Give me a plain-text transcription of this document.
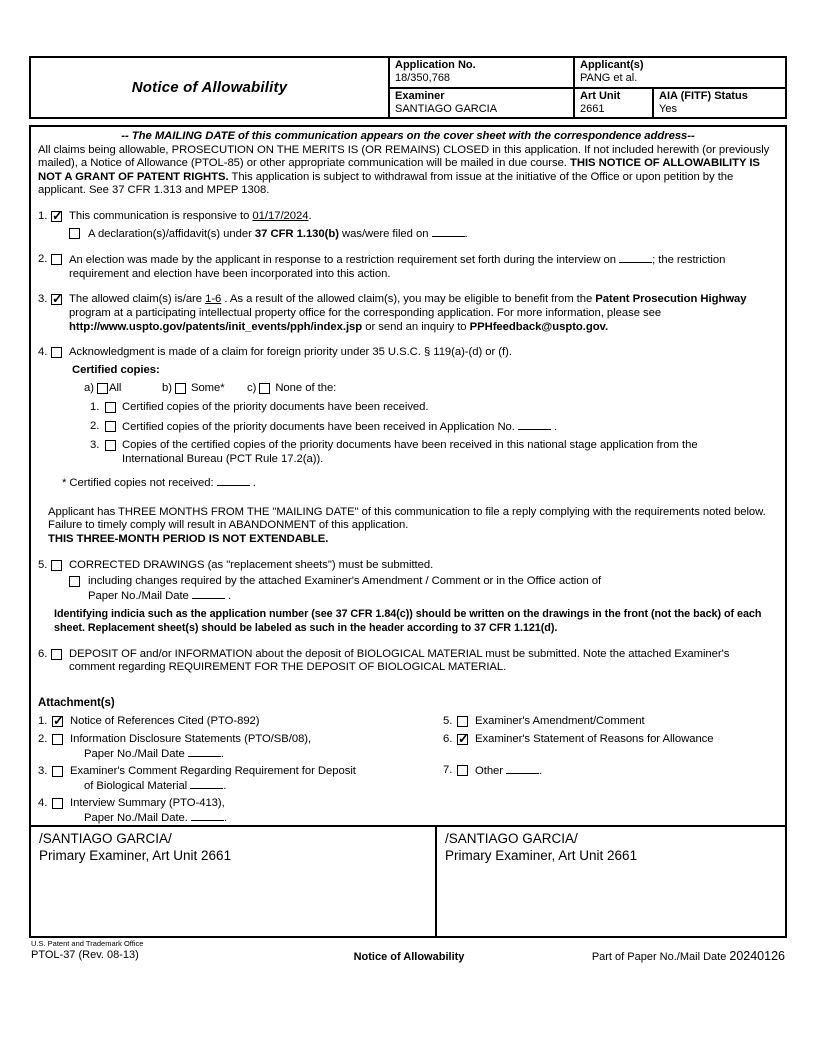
Notice of Allowability
Application No.
18/350,768
Applicant(s)
PANG et al.
Examiner
SANTIAGO GARCIA
Art Unit
2661
AIA (FITF) Status
Yes
-- The MAILING DATE of this communication appears on the cover sheet with the correspondence address--
All claims being allowable, PROSECUTION ON THE MERITS IS (OR REMAINS) CLOSED in this application. If not included herewith (or previously mailed), a Notice of Allowance (PTOL-85) or other appropriate communication will be mailed in due course. THIS NOTICE OF ALLOWABILITY IS NOT A GRANT OF PATENT RIGHTS. This application is subject to withdrawal from issue at the initiative of the Office or upon petition by the applicant. See 37 CFR 1.313 and MPEP 1308.
1. ✓	This communication is responsive to 01/17/2024.
A declaration(s)/affidavit(s) under 37 CFR 1.130(b) was/were filed on	.
2.	An election was made by the applicant in response to a restriction requirement set forth during the interview on	; the restriction requirement and election have been incorporated into this action.
3. ✓	The allowed claim(s) is/are 1-6 . As a result of the allowed claim(s), you may be eligible to benefit from the Patent Prosecution Highway program at a participating intellectual property office for the corresponding application. For more information, please see http://www.uspto.gov/patents/init_events/pph/index.jsp or send an inquiry to PPHfeedback@uspto.gov.
4.	Acknowledgment is made of a claim for foreign priority under 35 U.S.C. § 119(a)-(d) or (f).
Certified copies:
a) All	b) Some* c) None of the:
1.	Certified copies of the priority documents have been received.
2.	Certified copies of the priority documents have been received in Application No.	.
3.	Copies of the certified copies of the priority documents have been received in this national stage application from the
International Bureau (PCT Rule 17.2(a)).
* Certified copies not received:	.
Applicant has THREE MONTHS FROM THE "MAILING DATE" of this communication to file a reply complying with the requirements noted below. Failure to timely comply will result in ABANDONMENT of this application.
THIS THREE-MONTH PERIOD IS NOT EXTENDABLE.
5.	CORRECTED DRAWINGS (as "replacement sheets") must be submitted.
including changes required by the attached Examiner's Amendment / Comment or in the Office action of
Paper No./Mail Date	.
Identifying indicia such as the application number (see 37 CFR 1.84(c)) should be written on the drawings in the front (not the back) of each sheet. Replacement sheet(s) should be labeled as such in the header according to 37 CFR 1.121(d).
6.	DEPOSIT OF and/or INFORMATION about the deposit of BIOLOGICAL MATERIAL must be submitted. Note the attached Examiner's comment regarding REQUIREMENT FOR THE DEPOSIT OF BIOLOGICAL MATERIAL.
Attachment(s)
1. ✓	Notice of References Cited (PTO-892)
2.	Information Disclosure Statements (PTO/SB/08),
Paper No./Mail Date	.
3.	Examiner's Comment Regarding Requirement for Deposit
of Biological Material	.
4.	Interview Summary (PTO-413),
Paper No./Mail Date.	.
5.	Examiner's Amendment/Comment
6. ✓	Examiner's Statement of Reasons for Allowance
7.	Other	.
/SANTIAGO GARCIA/
Primary Examiner, Art Unit 2661
/SANTIAGO GARCIA/
Primary Examiner, Art Unit 2661
U.S. Patent and Trademark Office
PTOL-37 (Rev. 08-13)	Notice of Allowability	Part of Paper No./Mail Date 20240126
